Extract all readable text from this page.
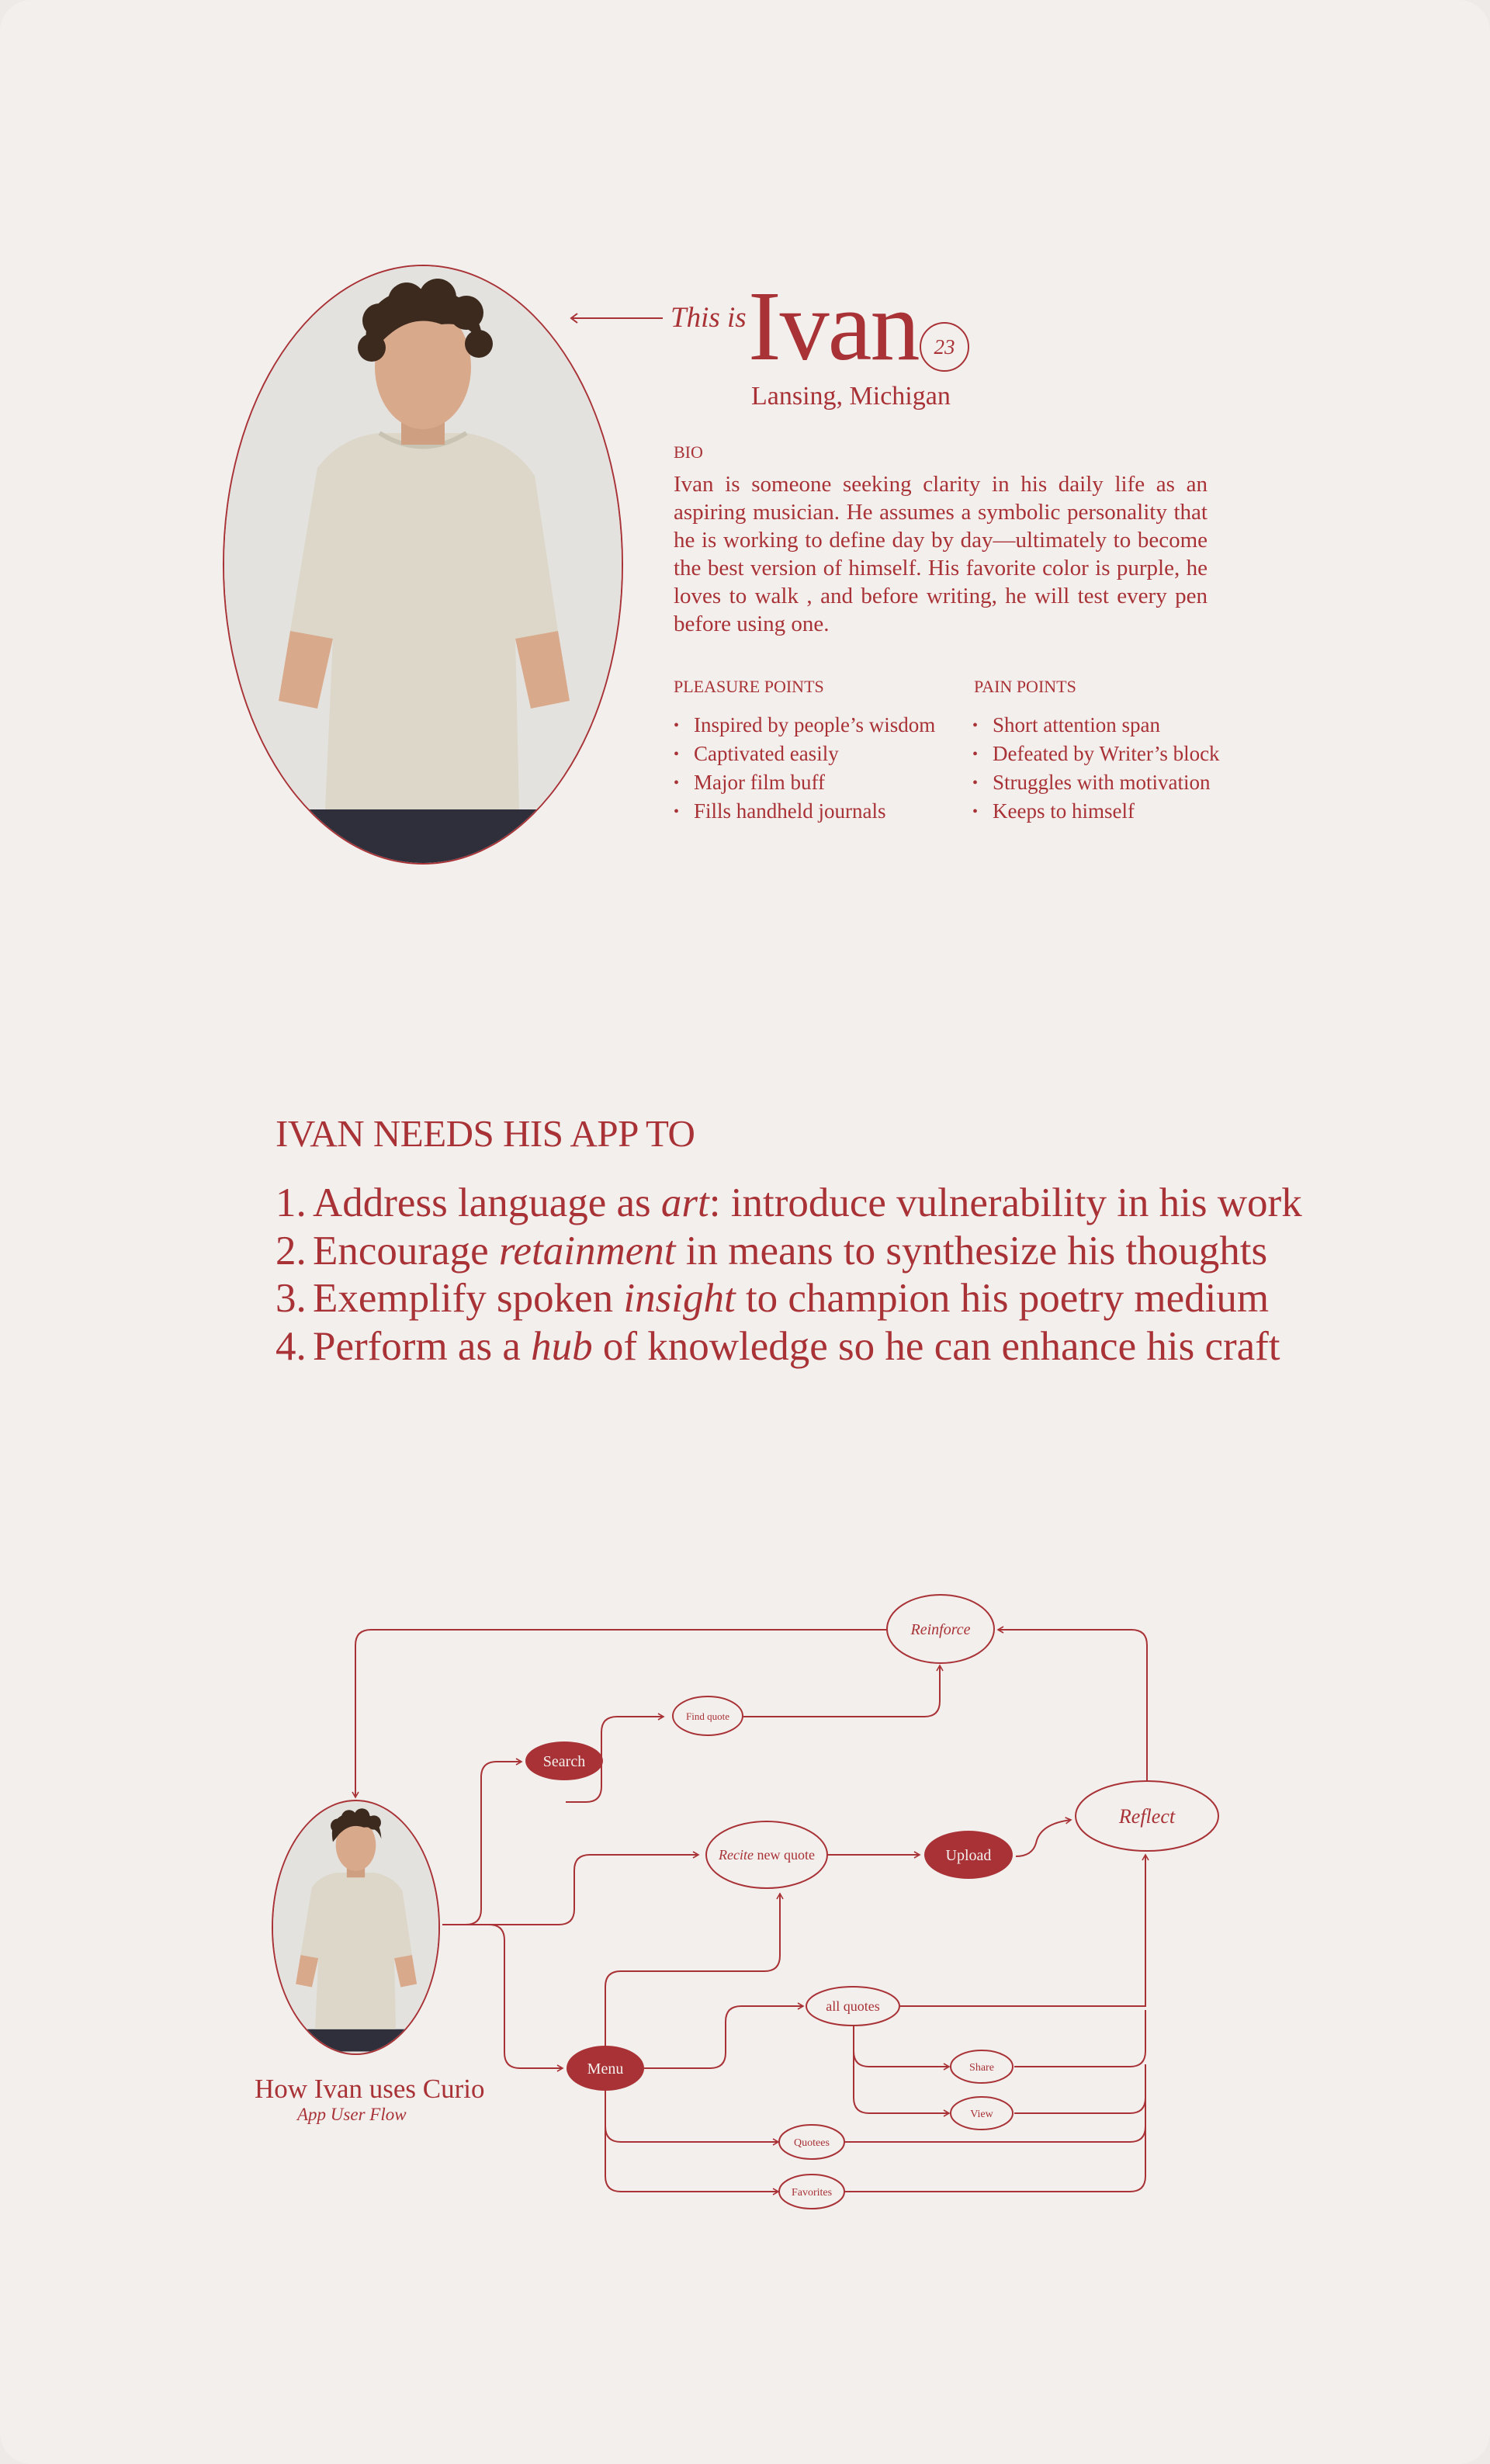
This is Ivan 23
Lansing, Michigan
BIO
Ivan is someone seeking clarity in his daily life as an aspiring musician. He assumes a symbolic personality that he is working to define day by day—ultimately to become the best version of himself. His favorite color is purple, he loves to walk , and before writing, he will test every pen before using one.
PLEASURE POINTS
• Inspired by people’s wisdom
• Captivated easily
• Major film buff
• Fills handheld journals
PAIN POINTS
• Short attention span
• Defeated by Writer’s block
• Struggles with motivation
• Keeps to himself
IVAN NEEDS HIS APP TO
1. Address language as art: introduce vulnerability in his work
2. Encourage retainment in means to synthesize his thoughts
3. Exemplify spoken insight to champion his poetry medium
4. Perform as a hub of knowledge so he can enhance his craft
Reinforce
Find quote
Search
Recite new quote	Upload
Reflect
all quotes
Share
View
Menu
Quotees
Favorites
How Ivan uses Curio
App User Flow
